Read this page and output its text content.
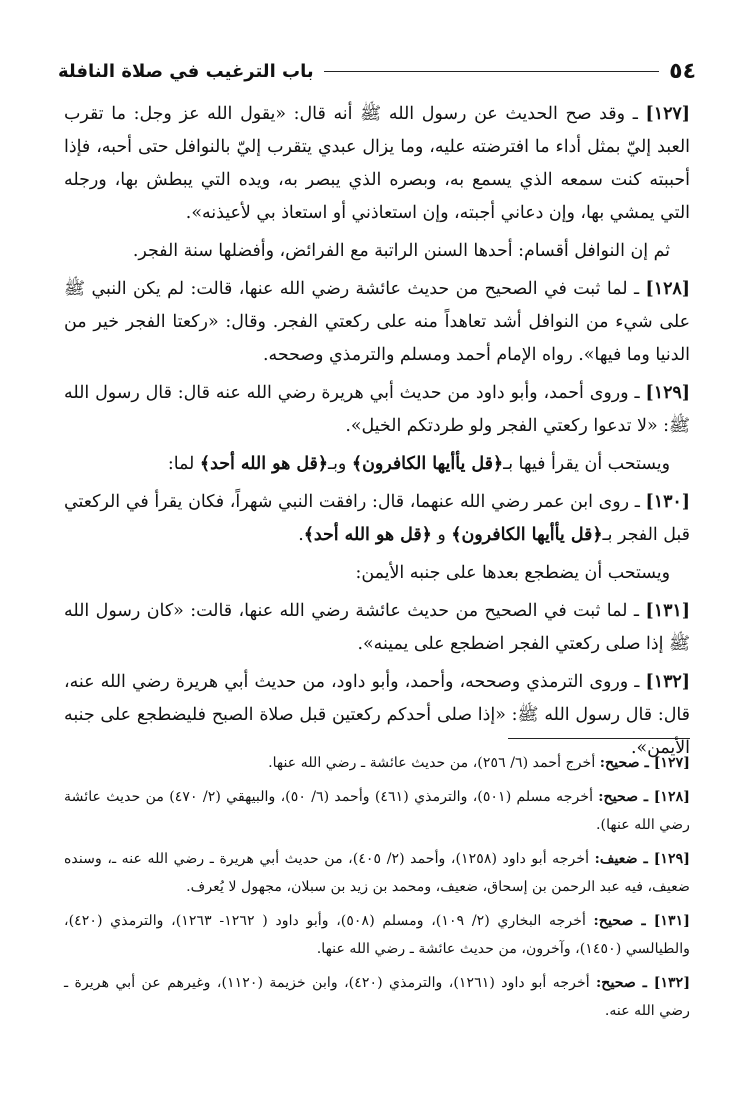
٥٤
باب الترغيب في صلاة النافلة

[١٢٧] ـ وقد صح الحديث عن رسول الله ﷺ أنه قال: «يقول الله عز وجل: ما تقرب العبد إليّ بمثل أداء ما افترضته عليه، وما يزال عبدي يتقرب إليّ بالنوافل حتى أحبه، فإذا أحببته كنت سمعه الذي يسمع به، وبصره الذي يبصر به، ويده التي يبطش بها، ورجله التي يمشي بها، وإن دعاني أجبته، وإن استعاذني أو استعاذ بي لأعيذنه».

ثم إن النوافل أقسام: أحدها السنن الراتبة مع الفرائض، وأفضلها سنة الفجر.

[١٢٨] ـ لما ثبت في الصحيح من حديث عائشة رضي الله عنها، قالت: لم يكن النبي ﷺ على شيء من النوافل أشد تعاهداً منه على ركعتي الفجر. وقال: «ركعتا الفجر خير من الدنيا وما فيها». رواه الإمام أحمد ومسلم والترمذي وصححه.

[١٢٩] ـ وروى أحمد، وأبو داود من حديث أبي هريرة رضي الله عنه قال: قال رسول الله ﷺ: «لا تدعوا ركعتي الفجر ولو طردتكم الخيل».

ويستحب أن يقرأ فيها بـ﴿قل يأأيها الكافرون﴾ وبـ﴿قل هو الله أحد﴾ لما:

[١٣٠] ـ روى ابن عمر رضي الله عنهما، قال: رافقت النبي شهراً، فكان يقرأ في الركعتي قبل الفجر بـ﴿قل يأأيها الكافرون﴾ و ﴿قل هو الله أحد﴾.

ويستحب أن يضطجع بعدها على جنبه الأيمن:

[١٣١] ـ لما ثبت في الصحيح من حديث عائشة رضي الله عنها، قالت: «كان رسول الله ﷺ إذا صلى ركعتي الفجر اضطجع على يمينه».

[١٣٢] ـ وروى الترمذي وصححه، وأحمد، وأبو داود، من حديث أبي هريرة رضي الله عنه، قال: قال رسول الله ﷺ: «إذا صلى أحدكم ركعتين قبل صلاة الصبح فليضطجع على جنبه الأيمن».

[١٢٧] ـ صحيح: أخرج أحمد (٦/ ٢٥٦)، من حديث عائشة ـ رضي الله عنها.

[١٢٨] ـ صحيح: أخرجه مسلم (٥٠١)، والترمذي (٤٦١) وأحمد (٦/ ٥٠)، والبيهقي (٢/ ٤٧٠) من حديث عائشة رضي الله عنها).

[١٢٩] ـ ضعيف: أخرجه أبو داود (١٢٥٨)، وأحمد (٢/ ٤٠٥)، من حديث أبي هريرة ـ رضي الله عنه ـ، وسنده ضعيف، فيه عبد الرحمن بن إسحاق، ضعيف، ومحمد بن زيد بن سبلان، مجهول لا يُعرف.

[١٣١] ـ صحيح: أخرجه البخاري (٢/ ١٠٩)، ومسلم (٥٠٨)، وأبو داود ( ١٢٦٢- ١٢٦٣)، والترمذي (٤٢٠)، والطيالسي (١٤٥٠)، وآخرون، من حديث عائشة ـ رضي الله عنها.

[١٣٢] ـ صحيح: أخرجه أبو داود (١٢٦١)، والترمذي (٤٢٠)، وابن خزيمة (١١٢٠)، وغيرهم عن أبي هريرة ـ رضي الله عنه.
